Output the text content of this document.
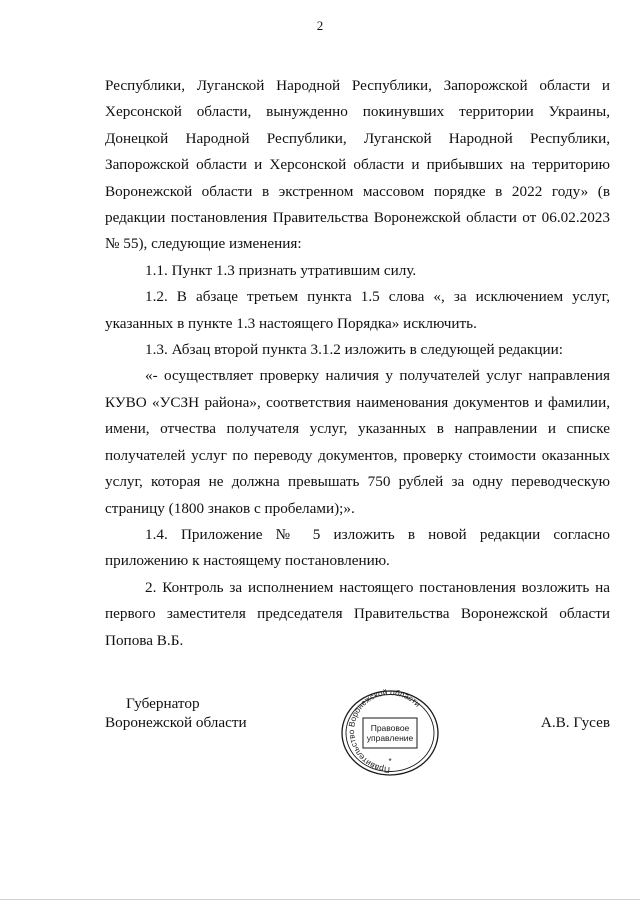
2

Республики, Луганской Народной Республики, Запорожской области и Херсонской области, вынужденно покинувших территории Украины, Донецкой Народной Республики, Луганской Народной Республики, Запорожской области и Херсонской области и прибывших на территорию Воронежской области в экстренном массовом порядке в 2022 году» (в редакции постановления Правительства Воронежской области от 06.02.2023 № 55), следующие изменения:

1.1. Пункт 1.3 признать утратившим силу.

1.2. В абзаце третьем пункта 1.5 слова «, за исключением услуг, указанных в пункте 1.3 настоящего Порядка» исключить.

1.3. Абзац второй пункта 3.1.2 изложить в следующей редакции:

«- осуществляет проверку наличия у получателей услуг направления КУВО «УСЗН района», соответствия наименования документов и фамилии, имени, отчества получателя услуг, указанных в направлении и списке получателей услуг по переводу документов, проверку стоимости оказанных услуг, которая не должна превышать 750 рублей за одну переводческую страницу (1800 знаков с пробелами);».

1.4. Приложение № 5 изложить в новой редакции согласно приложению к настоящему постановлению.

2. Контроль за исполнением настоящего постановления возложить на первого заместителя председателя Правительства Воронежской области Попова В.Б.

Губернатор
Воронежской области	А.В. Гусев
Правительство Воронежской области
Правовое
управление
*
